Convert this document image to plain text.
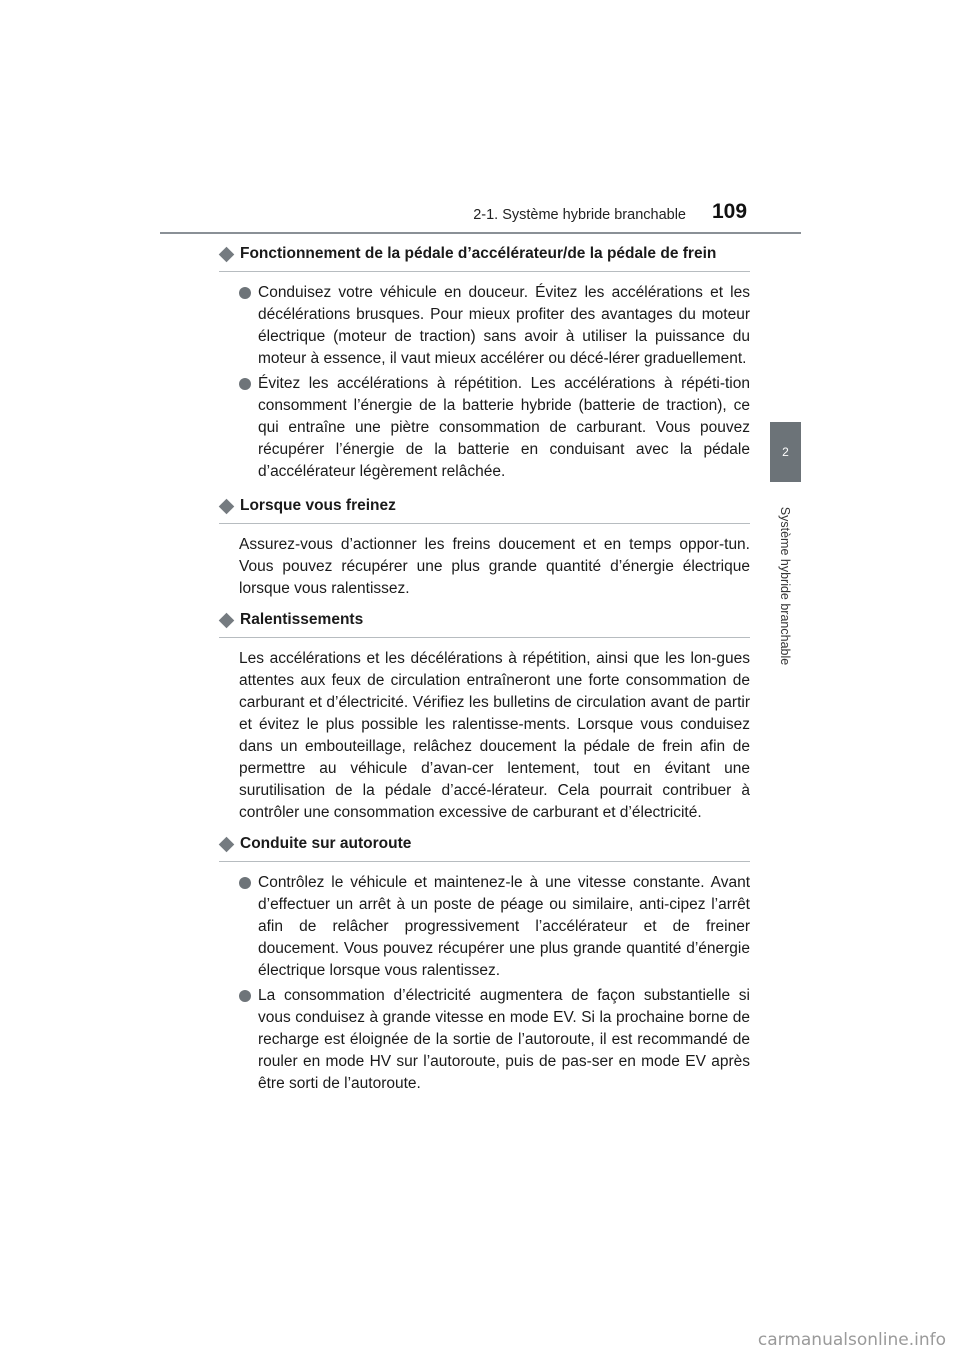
2-1. Système hybride branchable 109
2
Système hybride branchable
Fonctionnement de la pédale d’accélérateur/de la pédale de frein

Conduisez votre véhicule en douceur. Évitez les accélérations et les décélérations brusques. Pour mieux profiter des avantages du moteur électrique (moteur de traction) sans avoir à utiliser la puissance du moteur à essence, il vaut mieux accélérer ou décé-lérer graduellement.

Évitez les accélérations à répétition. Les accélérations à répéti-tion consomment l’énergie de la batterie hybride (batterie de traction), ce qui entraîne une piètre consommation de carburant. Vous pouvez récupérer l’énergie de la batterie en conduisant avec la pédale d’accélérateur légèrement relâchée.

Lorsque vous freinez

Assurez-vous d’actionner les freins doucement et en temps oppor-tun. Vous pouvez récupérer une plus grande quantité d’énergie électrique lorsque vous ralentissez.

Ralentissements

Les accélérations et les décélérations à répétition, ainsi que les lon-gues attentes aux feux de circulation entraîneront une forte consommation de carburant et d’électricité. Vérifiez les bulletins de circulation avant de partir et évitez le plus possible les ralentisse-ments. Lorsque vous conduisez dans un embouteillage, relâchez doucement la pédale de frein afin de permettre au véhicule d’avan-cer lentement, tout en évitant une surutilisation de la pédale d’accé-lérateur. Cela pourrait contribuer à contrôler une consommation excessive de carburant et d’électricité.

Conduite sur autoroute

Contrôlez le véhicule et maintenez-le à une vitesse constante. Avant d’effectuer un arrêt à un poste de péage ou similaire, anti-cipez l’arrêt afin de relâcher progressivement l’accélérateur et de freiner doucement. Vous pouvez récupérer une plus grande quantité d’énergie électrique lorsque vous ralentissez.

La consommation d’électricité augmentera de façon substantielle si vous conduisez à grande vitesse en mode EV. Si la prochaine borne de recharge est éloignée de la sortie de l’autoroute, il est recommandé de rouler en mode HV sur l’autoroute, puis de pas-ser en mode EV après être sorti de l’autoroute.

carmanualsonline.info
